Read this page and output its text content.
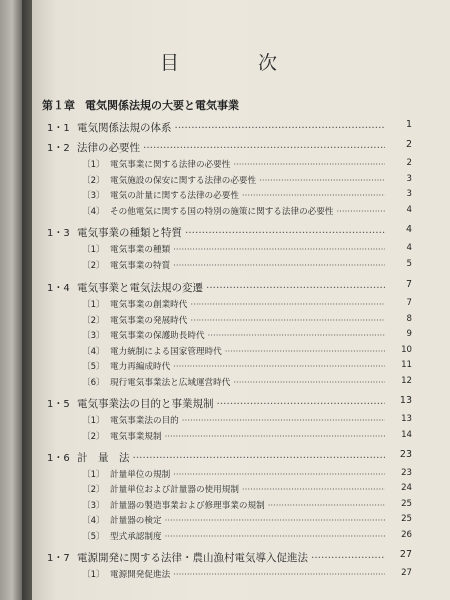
目	次
第１章 電気関係法規の大要と電気事業
1・1 電気関係法規の体系 ·····	1
1・2 法律の必要性 ·····	2
〔1〕 電気事業に関する法律の必要性 ·····	2
〔2〕 電気施設の保安に関する法律の必要性 ·····	3
〔3〕 電気の計量に関する法律の必要性 ·····	3
〔4〕 その他電気に関する国の特別の施策に関する法律の必要性 ·····	4
1・3 電気事業の種類と特質 ·····	4
〔1〕 電気事業の種類 ·····	4
〔2〕 電気事業の特質 ·····	5
1・4 電気事業と電気法規の変遷 ·····	7
〔1〕 電気事業の創業時代 ·····	7
〔2〕 電気事業の発展時代 ·····	8
〔3〕 電気事業の保護助長時代 ·····	9
〔4〕 電力統制による国家管理時代 ·····	10
〔5〕 電力再編成時代 ·····	11
〔6〕 現行電気事業法と広域運営時代 ·····	12
1・5 電気事業法の目的と事業規制 ·····	13
〔1〕 電気事業法の目的 ·····	13
〔2〕 電気事業規制 ·····	14
1・6 計　量　法 ·····	23
〔1〕 計量単位の規制 ·····	23
〔2〕 計量単位および計量器の使用規制 ·····	24
〔3〕 計量器の製造事業および修理事業の規制 ·····	25
〔4〕 計量器の検定 ·····	25
〔5〕 型式承認制度 ·····	26
1・7 電源開発に関する法律・農山漁村電気導入促進法 ·····	27
〔1〕 電源開発促進法 ·····	27
